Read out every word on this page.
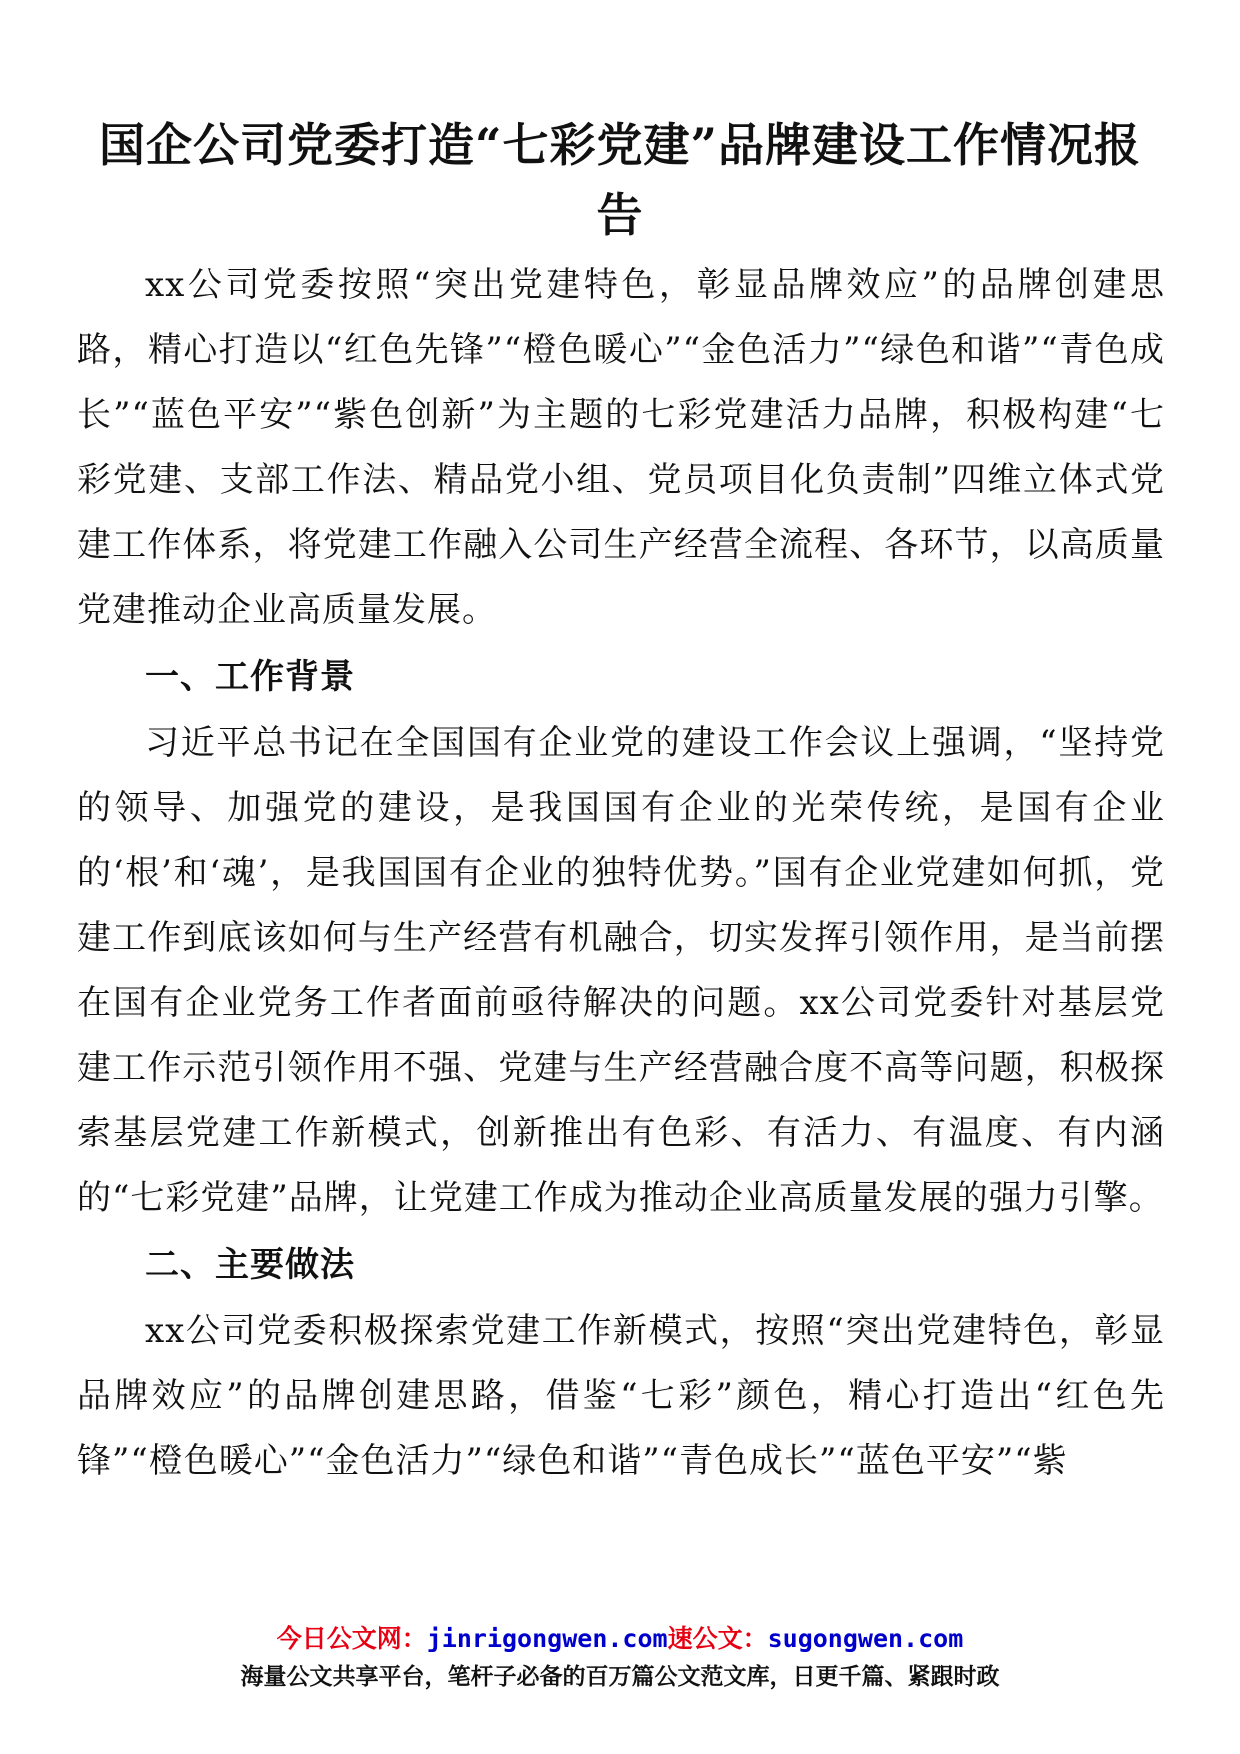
国企公司党委打造“七彩党建”品牌建设工作情况报告

xx公司党委按照“突出党建特色，彰显品牌效应”的品牌创建思路，精心打造以“红色先锋”“橙色暖心”“金色活力”“绿色和谐”“青色成长”“蓝色平安”“紫色创新”为主题的七彩党建活力品牌，积极构建“七彩党建、支部工作法、精品党小组、党员项目化负责制”四维立体式党建工作体系，将党建工作融入公司生产经营全流程、各环节，以高质量党建推动企业高质量发展。

一、工作背景

习近平总书记在全国国有企业党的建设工作会议上强调，“坚持党的领导、加强党的建设，是我国国有企业的光荣传统，是国有企业的‘根’和‘魂’，是我国国有企业的独特优势。”国有企业党建如何抓，党建工作到底该如何与生产经营有机融合，切实发挥引领作用，是当前摆在国有企业党务工作者面前亟待解决的问题。xx公司党委针对基层党建工作示范引领作用不强、党建与生产经营融合度不高等问题，积极探索基层党建工作新模式，创新推出有色彩、有活力、有温度、有内涵的“七彩党建”品牌，让党建工作成为推动企业高质量发展的强力引擎。

二、主要做法

xx公司党委积极探索党建工作新模式，按照“突出党建特色，彰显品牌效应”的品牌创建思路，借鉴“七彩”颜色，精心打造出“红色先锋”“橙色暖心”“金色活力”“绿色和谐”“青色成长”“蓝色平安”“紫

今日公文网：jinrigongwen.com速公文：sugongwen.com
海量公文共享平台，笔杆子必备的百万篇公文范文库，日更千篇、紧跟时政
